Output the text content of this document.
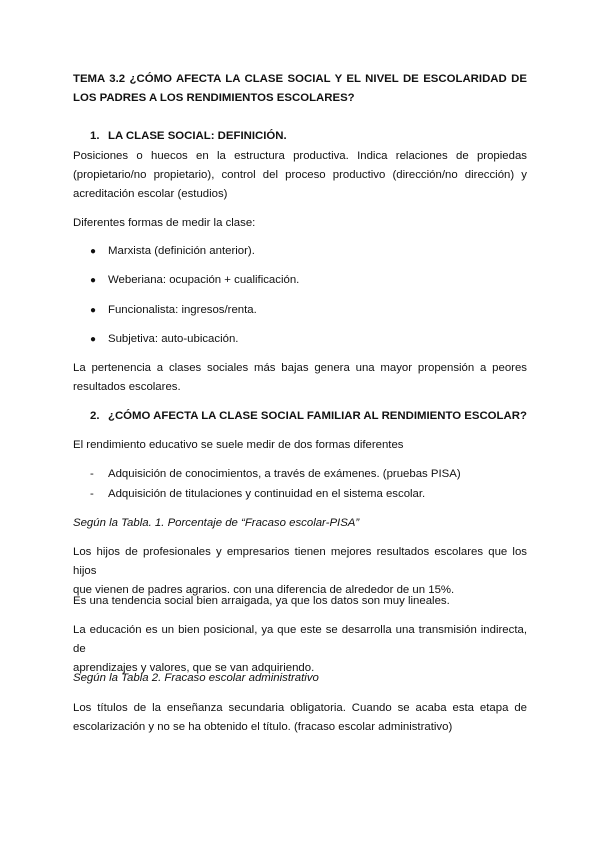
TEMA 3.2 ¿CÓMO AFECTA LA CLASE SOCIAL Y EL NIVEL DE ESCOLARIDAD DE
LOS PADRES A LOS RENDIMIENTOS ESCOLARES?
1. LA CLASE SOCIAL: DEFINICIÓN.
Posiciones o huecos en la estructura productiva. Indica relaciones de propiedas
(propietario/no propietario), control del proceso productivo (dirección/no dirección) y
acreditación escolar (estudios)
Diferentes formas de medir la clase:
● Marxista (definición anterior).
● Weberiana: ocupación + cualificación.
● Funcionalista: ingresos/renta.
● Subjetiva: auto-ubicación.
La pertenencia a clases sociales más bajas genera una mayor propensión a peores
resultados escolares.
2. ¿CÓMO AFECTA LA CLASE SOCIAL FAMILIAR AL RENDIMIENTO ESCOLAR?
El rendimiento educativo se suele medir de dos formas diferentes
- Adquisición de conocimientos, a través de exámenes. (pruebas PISA)
- Adquisición de titulaciones y continuidad en el sistema escolar.
Según la Tabla. 1. Porcentaje de “Fracaso escolar-PISA”
Los hijos de profesionales y empresarios tienen mejores resultados escolares que los hijos
que vienen de padres agrarios. con una diferencia de alrededor de un 15%.
Es una tendencia social bien arraigada, ya que los datos son muy lineales.
La educación es un bien posicional, ya que este se desarrolla una transmisión indirecta, de
aprendizajes y valores, que se van adquiriendo.
Según la Tabla 2. Fracaso escolar administrativo
Los títulos de la enseñanza secundaria obligatoria. Cuando se acaba esta etapa de
escolarización y no se ha obtenido el título. (fracaso escolar administrativo)
